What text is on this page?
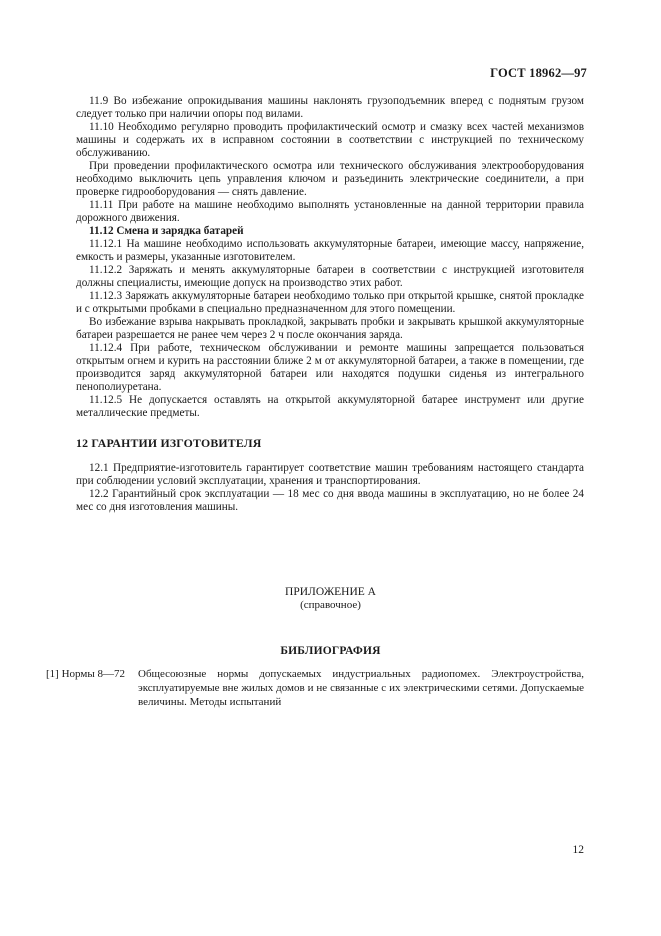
ГОСТ 18962—97

11.9 Во избежание опрокидывания машины наклонять грузоподъемник вперед с поднятым грузом следует только при наличии опоры под вилами.

11.10 Необходимо регулярно проводить профилактический осмотр и смазку всех частей механизмов машины и содержать их в исправном состоянии в соответствии с инструкцией по техническому обслуживанию.

При проведении профилактического осмотра или технического обслуживания электрооборудования необходимо выключить цепь управления ключом и разъединить электрические соединители, а при проверке гидрооборудования — снять давление.

11.11 При работе на машине необходимо выполнять установленные на данной территории правила дорожного движения.

11.12 Смена и зарядка батарей

11.12.1 На машине необходимо использовать аккумуляторные батареи, имеющие массу, напряжение, емкость и размеры, указанные изготовителем.

11.12.2 Заряжать и менять аккумуляторные батареи в соответствии с инструкцией изготовителя должны специалисты, имеющие допуск на производство этих работ.

11.12.3 Заряжать аккумуляторные батареи необходимо только при открытой крышке, снятой прокладке и с открытыми пробками в специально предназначенном для этого помещении.

Во избежание взрыва накрывать прокладкой, закрывать пробки и закрывать крышкой аккумуляторные батареи разрешается не ранее чем через 2 ч после окончания заряда.

11.12.4 При работе, техническом обслуживании и ремонте машины запрещается пользоваться открытым огнем и курить на расстоянии ближе 2 м от аккумуляторной батареи, а также в помещении, где производится заряд аккумуляторной батареи или находятся подушки сиденья из интегрального пенополиуретана.

11.12.5 Не допускается оставлять на открытой аккумуляторной батарее инструмент или другие металлические предметы.

12 ГАРАНТИИ ИЗГОТОВИТЕЛЯ

12.1 Предприятие-изготовитель гарантирует соответствие машин требованиям настоящего стандарта при соблюдении условий эксплуатации, хранения и транспортирования.

12.2 Гарантийный срок эксплуатации — 18 мес со дня ввода машины в эксплуатацию, но не более 24 мес со дня изготовления машины.

ПРИЛОЖЕНИЕ А
(справочное)
БИБЛИОГРАФИЯ
[1] Нормы 8—72	Общесоюзные нормы допускаемых индустриальных радиопомех. Электроустройства, эксплуатируемые вне жилых домов и не связанные с их электрическими сетями. Допускаемые величины. Методы испытаний
12
